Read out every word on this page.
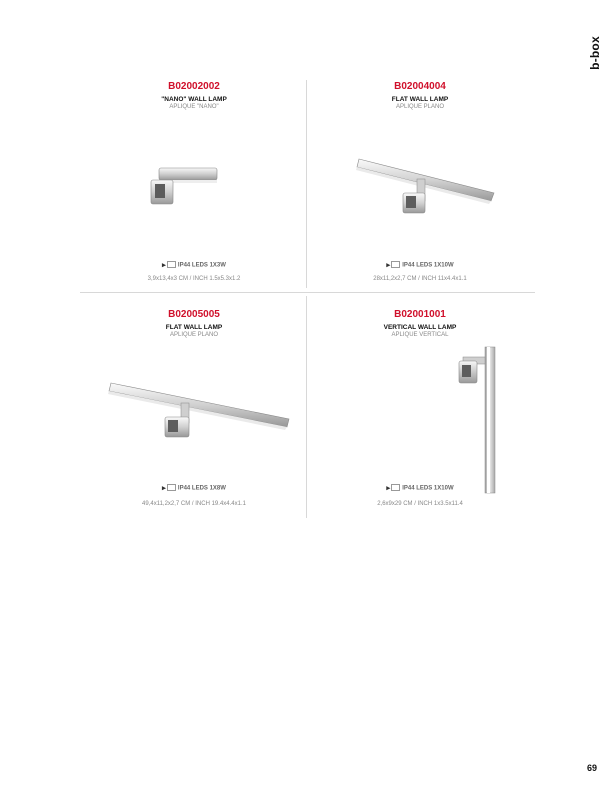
b-box
B02002002
"NANO" WALL LAMP
APLIQUE "NANO"
▶ IP44 LEDS 1X3W
3,9x13,4x3 CM / INCH 1.5x5.3x1.2
B02004004
FLAT WALL LAMP
APLIQUE PLANO
▶ IP44 LEDS 1X10W
28x11,2x2,7 CM / INCH 11x4.4x1.1
B02005005
FLAT WALL LAMP
APLIQUE PLANO
▶ IP44 LEDS 1X8W
49,4x11,2x2,7 CM / INCH 19.4x4.4x1.1
B02001001
VERTICAL WALL LAMP
APLIQUE VERTICAL
▶ IP44 LEDS 1X10W
2,6x9x29 CM / INCH 1x3.5x11.4
69
